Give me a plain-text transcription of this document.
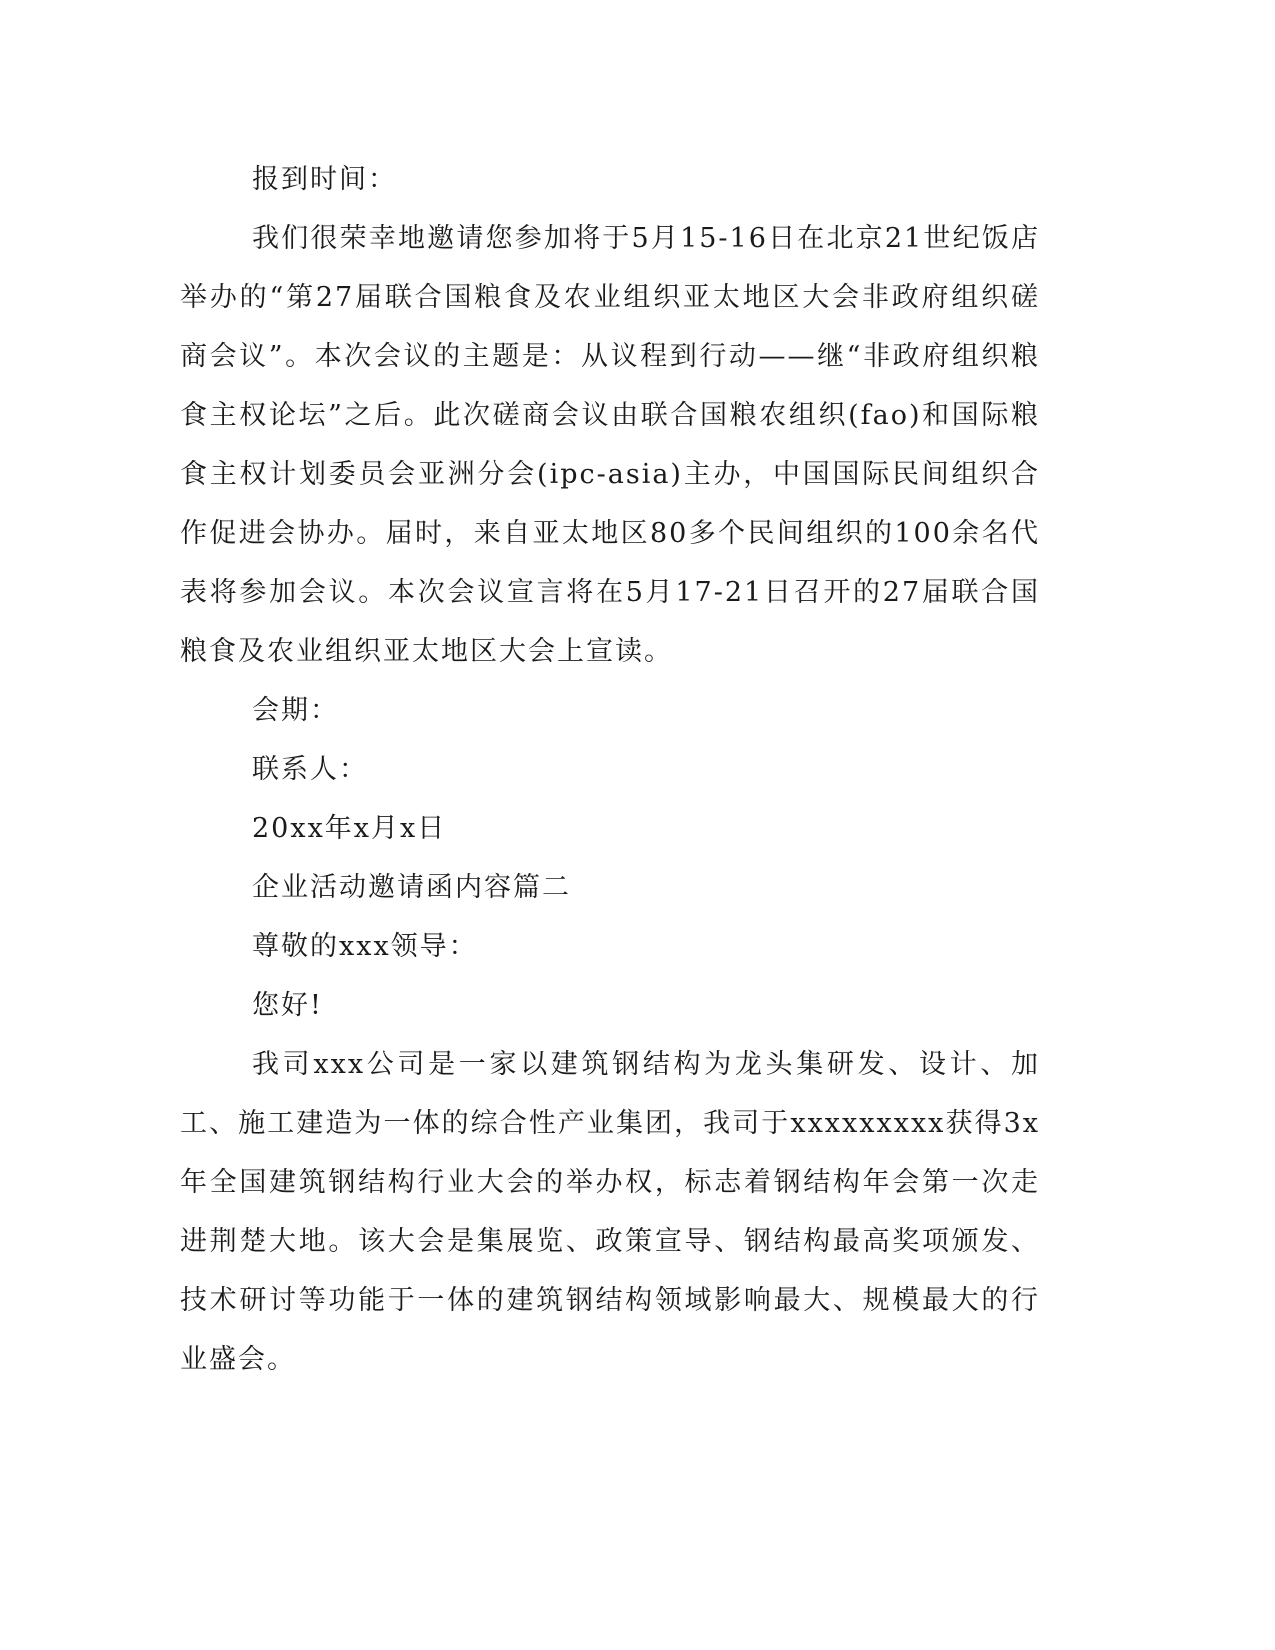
报到时间：

我们很荣幸地邀请您参加将于5月15-16日在北京21世纪饭店举办的“第27届联合国粮食及农业组织亚太地区大会非政府组织磋商会议”。本次会议的主题是：从议程到行动——继“非政府组织粮食主权论坛”之后。此次磋商会议由联合国粮农组织(fao)和国际粮食主权计划委员会亚洲分会(ipc-asia)主办，中国国际民间组织合作促进会协办。届时，来自亚太地区80多个民间组织的100余名代表将参加会议。本次会议宣言将在5月17-21日召开的27届联合国粮食及农业组织亚太地区大会上宣读。

会期：

联系人：

20xx年x月x日

企业活动邀请函内容篇二

尊敬的xxx领导：

您好!

我司xxx公司是一家以建筑钢结构为龙头集研发、设计、加工、施工建造为一体的综合性产业集团，我司于xxxxxxxxx获得3x年全国建筑钢结构行业大会的举办权，标志着钢结构年会第一次走进荆楚大地。该大会是集展览、政策宣导、钢结构最高奖项颁发、技术研讨等功能于一体的建筑钢结构领域影响最大、规模最大的行业盛会。
